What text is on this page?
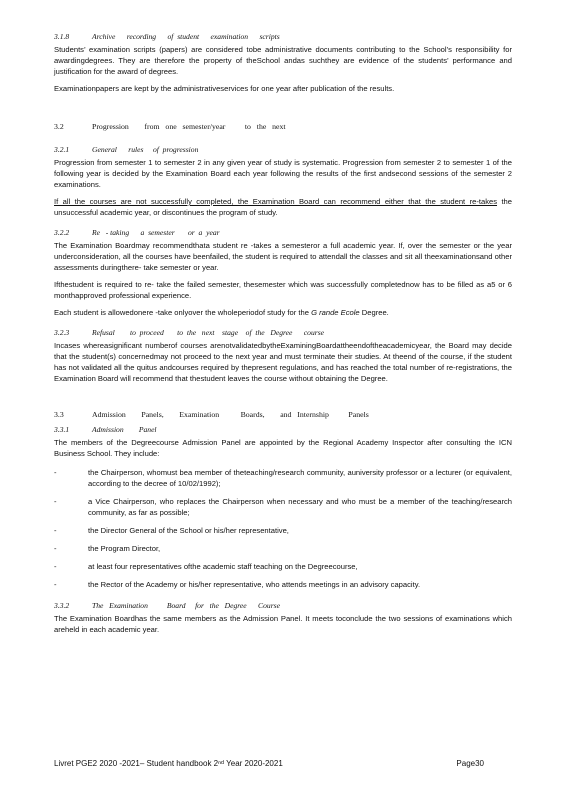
3.1.8	Archive      recording      of  student      examination      scripts

Students’ examination scripts (papers) are considered tobe administrative documents contributing to the School’s responsibility for awardingdegrees. They are therefore the property of theSchool andas suchthey are evidence of the students’ performance and justification for the award of degrees.

Examinationpapers are kept by the administrativeservices for one year after publication of the results.

3.2	Progression        from   one   semester/year          to   the   next
3.2.1	General      rules     of  progression

Progression from semester 1 to semester 2 in any given year of study is systematic. Progression from semester 2 to semester 1 of the following year is decided by the Examination Board each year following the results of the first andsecond sessions of the semester 2 examinations.

If all the courses are not successfully completed, the Examination Board can recommend either that the student re-takes the unsuccessful academic year, or discontinues the program of study.

3.2.2	Re   - taking      a  semester       or  a  year

The Examination Boardmay recommendthata student re -takes a semesteror a full academic year. If, over the semester or the year underconsideration, all the courses have beenfailed, the student is required to attendall the classes and sit all theexaminationsand other assessments duringthere- take semester or year.

Ifthestudent is required to re- take the failed semester, thesemester which was successfully completednow has to be filled as a5 or 6 monthapproved professional experience.

Each student is allowedonere -take onlyover the wholeperiodof study for the G rande Ecole Degree.

3.2.3	Refusal        to  proceed       to  the   next    stage    of  the   Degree      course

Incases whereasignificant numberof courses arenotvalidatedbytheExaminingBoardattheendoftheacademicyear, the Board may decide that the student(s) concernedmay not proceed to the next year and must terminate their studies. At theend of the course, if the student has not validated all the quitus andcourses required by thepresent regulations, and has reached the total number of re-registrations, the Examination Board will recommend that thestudent leaves the course without obtaining the Degree.

3.3	Admission        Panels,        Examination           Boards,        and   Internship          Panels
3.3.1	Admission        Panel

The members of the Degreecourse Admission Panel are appointed by the Regional Academy Inspector after consulting the ICN Business School. They include:

-	the Chairperson, whomust bea member of theteaching/research community, auniversity professor or a lecturer (or equivalent, according to the decree of 10/02/1992);
-	a Vice Chairperson, who replaces the Chairperson when necessary and who must be a member of the teaching/research community, as far as possible;
-	the Director General of the School or his/her representative,
-	the Program Director,
-	at least four representatives ofthe academic staff teaching on the Degreecourse,
-	the Rector of the Academy or his/her representative, who attends meetings in an advisory capacity.
3.3.2	The   Examination          Board     for   the   Degree      Course

The Examination Boardhas the same members as the Admission Panel. It meets toconclude the two sessions of examinations which areheld in each academic year.

Livret PGE2 2020 -2021– Student handbook 2ⁿᵈ Year 2020-2021	Page30
